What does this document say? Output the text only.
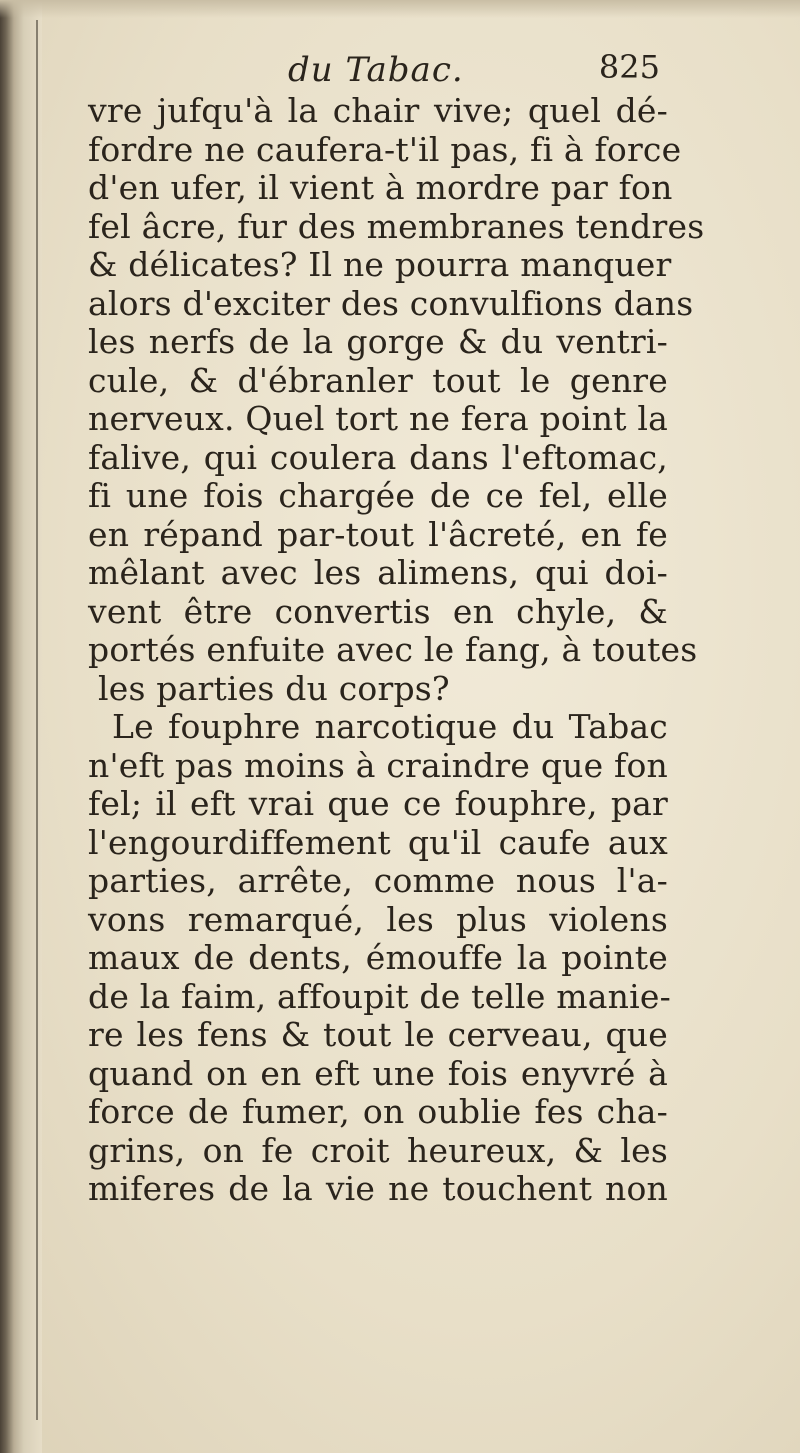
du Tabac.	825
vre jufqu'à la chair vive; quel dé-
fordre ne caufera-t'il pas, fi à force
d'en ufer, il vient à mordre par fon
fel âcre, fur des membranes tendres
& délicates? Il ne pourra manquer
alors d'exciter des convulfions dans
les nerfs de la gorge & du ventri-
cule, & d'ébranler tout le genre
nerveux. Quel tort ne fera point la
falive, qui coulera dans l'eftomac,
fi une fois chargée de ce fel, elle
en répand par-tout l'âcreté, en fe
mêlant avec les alimens, qui doi-
vent être convertis en chyle, &
portés enfuite avec le fang, à toutes
les parties du corps?
Le fouphre narcotique du Tabac
n'eft pas moins à craindre que fon
fel; il eft vrai que ce fouphre, par
l'engourdiffement qu'il caufe aux
parties, arrête, comme nous l'a-
vons remarqué, les plus violens
maux de dents, émouffe la pointe
de la faim, affoupit de telle manie-
re les fens & tout le cerveau, que
quand on en eft une fois enyvré à
force de fumer, on oublie fes cha-
grins, on fe croit heureux, & les
miferes de la vie ne touchent non
